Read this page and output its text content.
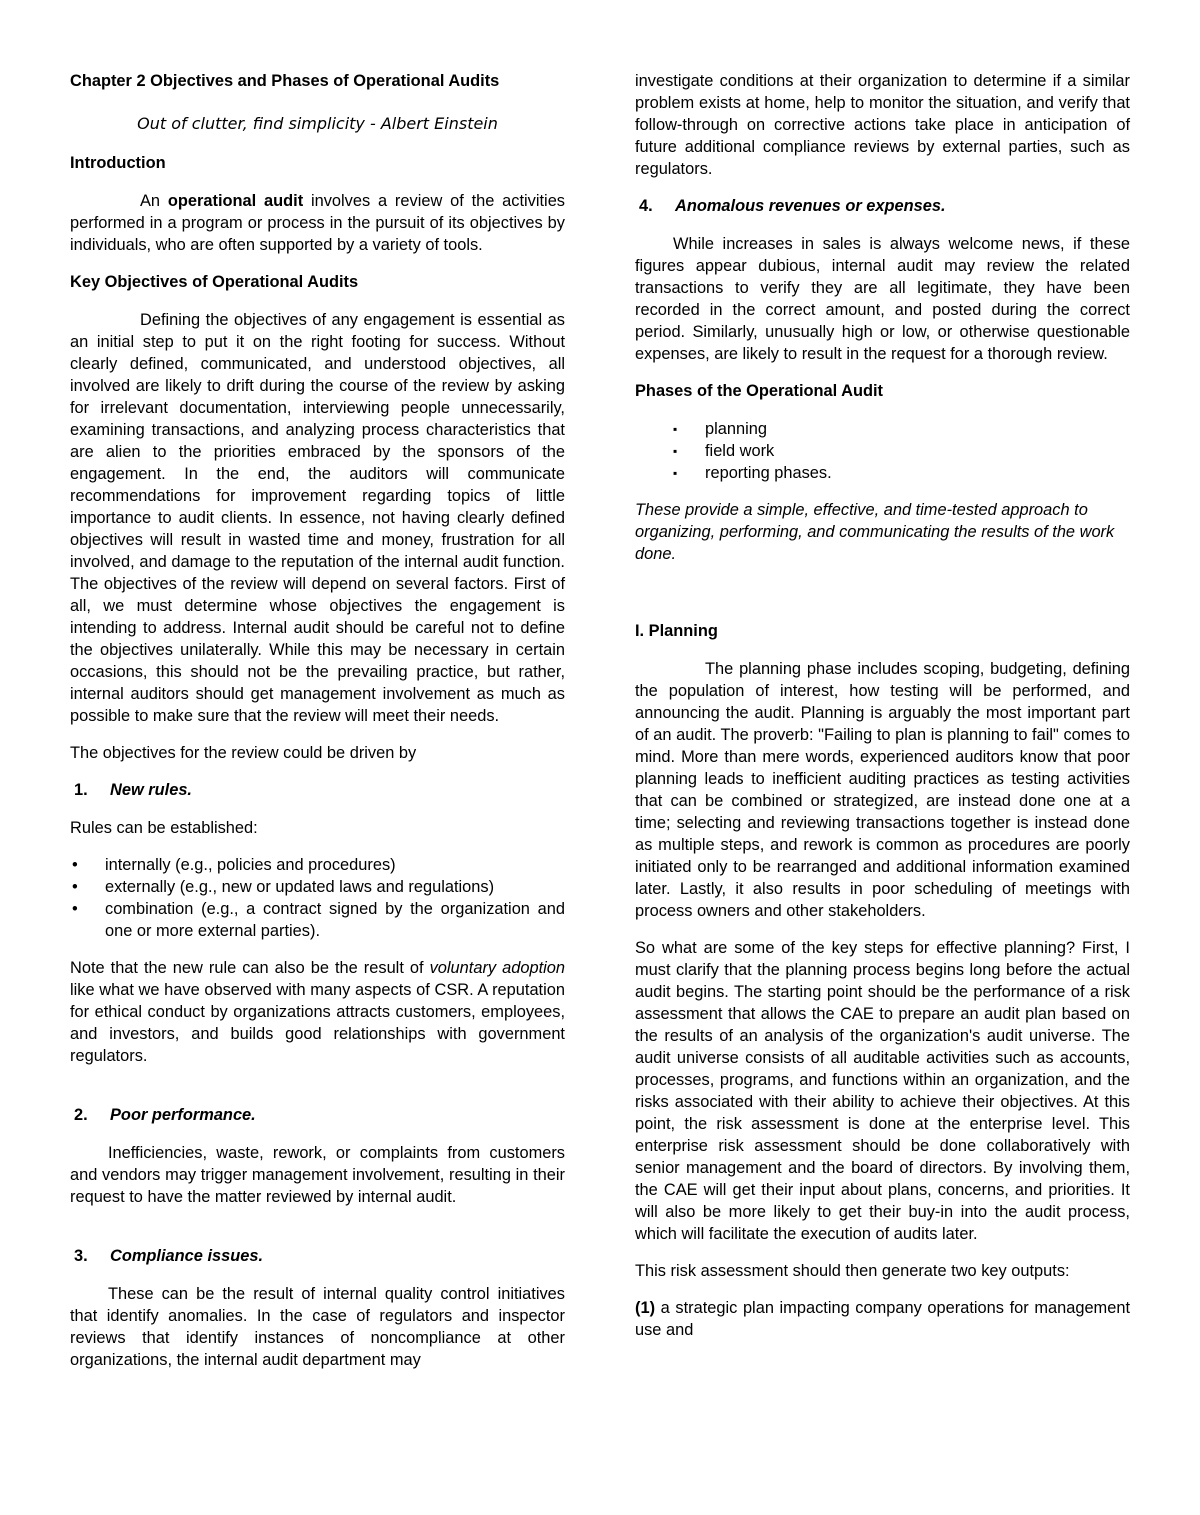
Chapter 2 Objectives and Phases of Operational Audits

Out of clutter, find simplicity - Albert Einstein

Introduction

An operational audit involves a review of the activities performed in a program or process in the pursuit of its objectives by individuals, who are often supported by a variety of tools.

Key Objectives of Operational Audits

Defining the objectives of any engagement is essential as an initial step to put it on the right footing for success. Without clearly defined, communicated, and understood objectives, all involved are likely to drift during the course of the review by asking for irrelevant documentation, interviewing people unnecessarily, examining transactions, and analyzing process characteristics that are alien to the priorities embraced by the sponsors of the engagement. In the end, the auditors will communicate recommendations for improvement regarding topics of little importance to audit clients. In essence, not having clearly defined objectives will result in wasted time and money, frustration for all involved, and damage to the reputation of the internal audit function. The objectives of the review will depend on several factors. First of all, we must determine whose objectives the engagement is intending to address. Internal audit should be careful not to define the objectives unilaterally. While this may be necessary in certain occasions, this should not be the prevailing practice, but rather, internal auditors should get management involvement as much as possible to make sure that the review will meet their needs.

The objectives for the review could be driven by

1.	New rules.

Rules can be established:

• internally (e.g., policies and procedures)
• externally (e.g., new or updated laws and regulations)
• combination (e.g., a contract signed by the organization and one or more external parties).

Note that the new rule can also be the result of voluntary adoption like what we have observed with many aspects of CSR. A reputation for ethical conduct by organizations attracts customers, employees, and investors, and builds good relationships with government regulators.

2.	Poor performance.

Inefficiencies, waste, rework, or complaints from customers and vendors may trigger management involvement, resulting in their request to have the matter reviewed by internal audit.

3.	Compliance issues.

These can be the result of internal quality control initiatives that identify anomalies. In the case of regulators and inspector reviews that identify instances of noncompliance at other organizations, the internal audit department may

investigate conditions at their organization to determine if a similar problem exists at home, help to monitor the situation, and verify that follow-through on corrective actions take place in anticipation of future additional compliance reviews by external parties, such as regulators.

4.	Anomalous revenues or expenses.

While increases in sales is always welcome news, if these figures appear dubious, internal audit may review the related transactions to verify they are all legitimate, they have been recorded in the correct amount, and posted during the correct period. Similarly, unusually high or low, or otherwise questionable expenses, are likely to result in the request for a thorough review.

Phases of the Operational Audit

▪ planning
▪ field work
▪ reporting phases.

These provide a simple, effective, and time-tested approach to organizing, performing, and communicating the results of the work done.

I. Planning

The planning phase includes scoping, budgeting, defining the population of interest, how testing will be performed, and announcing the audit. Planning is arguably the most important part of an audit. The proverb: "Failing to plan is planning to fail" comes to mind. More than mere words, experienced auditors know that poor planning leads to inefficient auditing practices as testing activities that can be combined or strategized, are instead done one at a time; selecting and reviewing transactions together is instead done as multiple steps, and rework is common as procedures are poorly initiated only to be rearranged and additional information examined later. Lastly, it also results in poor scheduling of meetings with process owners and other stakeholders.

So what are some of the key steps for effective planning? First, I must clarify that the planning process begins long before the actual audit begins. The starting point should be the performance of a risk assessment that allows the CAE to prepare an audit plan based on the results of an analysis of the organization's audit universe. The audit universe consists of all auditable activities such as accounts, processes, programs, and functions within an organization, and the risks associated with their ability to achieve their objectives. At this point, the risk assessment is done at the enterprise level. This enterprise risk assessment should be done collaboratively with senior management and the board of directors. By involving them, the CAE will get their input about plans, concerns, and priorities. It will also be more likely to get their buy-in into the audit process, which will facilitate the execution of audits later.

This risk assessment should then generate two key outputs:

(1) a strategic plan impacting company operations for management use and
